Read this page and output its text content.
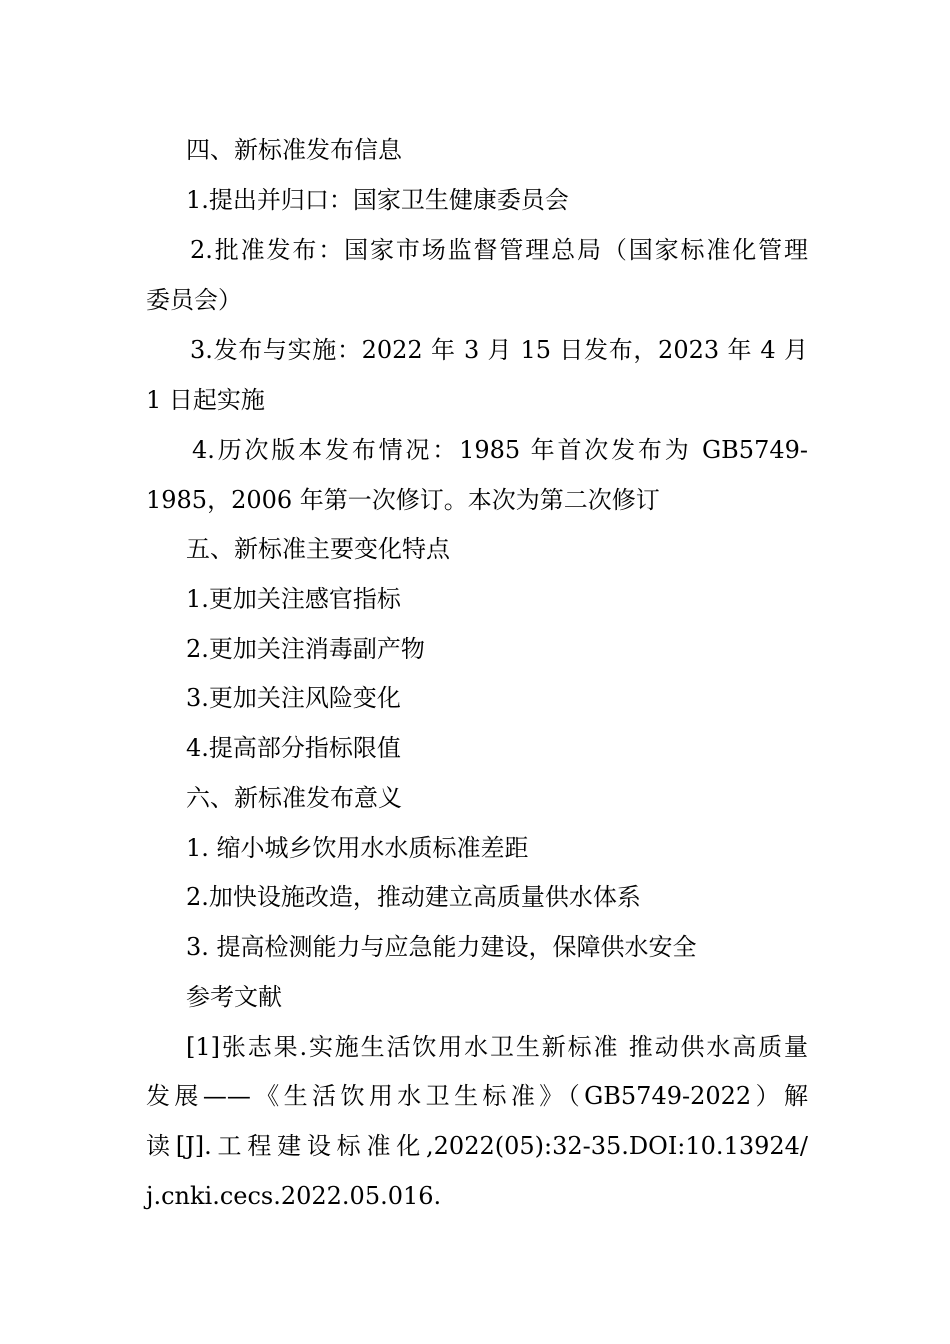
四、新标准发布信息
1.提出并归口：国家卫生健康委员会
2.批准发布：国家市场监督管理总局（国家标准化管理
委员会）
3.发布与实施：2022 年 3 月 15 日发布，2023 年 4 月
1 日起实施
4.历次版本发布情况：1985 年首次发布为 GB5749-
1985，2006 年第一次修订。本次为第二次修订
五、新标准主要变化特点
1.更加关注感官指标
2.更加关注消毒副产物
3.更加关注风险变化
4.提高部分指标限值
六、新标准发布意义
1. 缩小城乡饮用水水质标准差距
2.加快设施改造，推动建立高质量供水体系
3. 提高检测能力与应急能力建设，保障供水安全
参考文献
[1]张志果.实施生活饮用水卫生新标准 推动供水高质量
发展——《生活饮用水卫生标准》（GB5749-2022）解
读[J].工程建设标准化,2022(05):32-35.DOI:10.13924/
j.cnki.cecs.2022.05.016.
